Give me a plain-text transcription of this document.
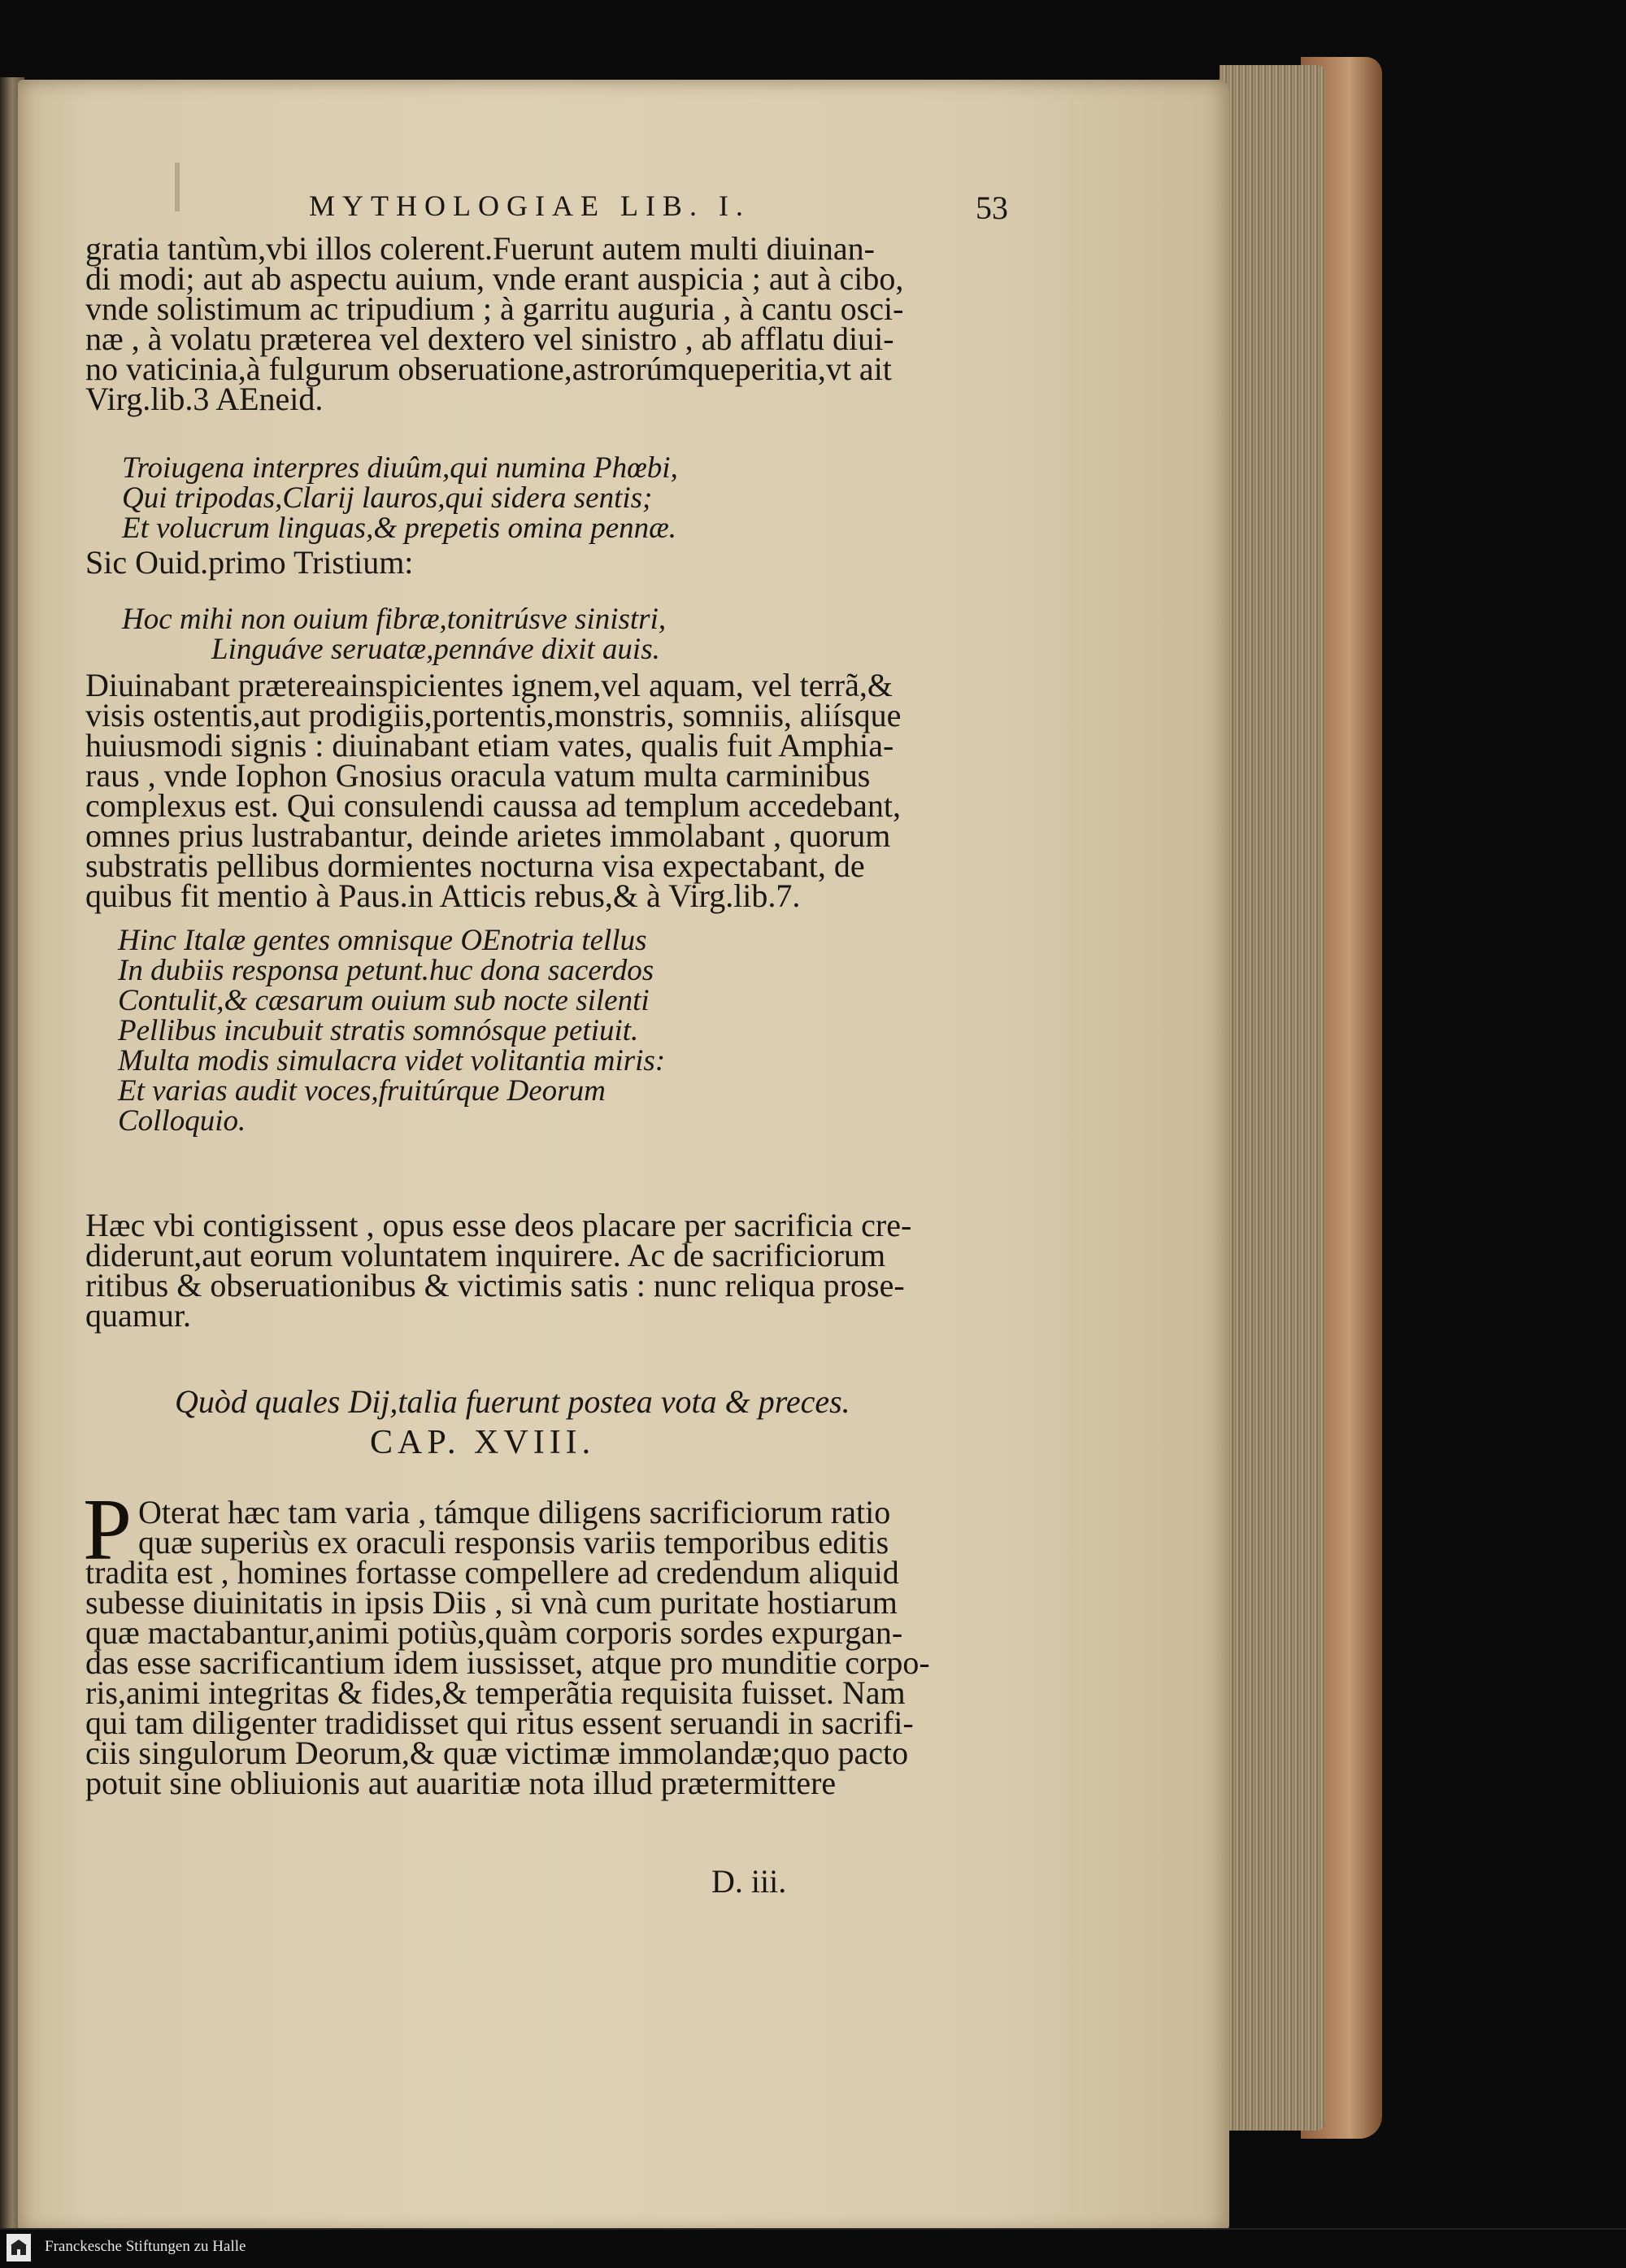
MYTHOLOGIAE LIB. I.	53
gratia tantùm,vbi illos colerent.Fuerunt autem multi diuinan-
di modi; aut ab aspectu auium, vnde erant auspicia ; aut à cibo,
vnde solistimum ac tripudium ; à garritu auguria , à cantu osci-
næ , à volatu præterea vel dextero vel sinistro , ab afflatu diui-
no vaticinia,à fulgurum obseruatione,astrorúmqueperitia,vt ait
Virg.lib.3 AEneid.
Troiugena interpres diuûm,qui numina Phœbi,
Qui tripodas,Clarij lauros,qui sidera sentis;
Et volucrum linguas,& prepetis omina pennæ.
Sic Ouid.primo Tristium:
Hoc mihi non ouium fibræ,tonitrúsve sinistri,
Linguáve seruatæ,pennáve dixit auis.
Diuinabant prætereainspicientes ignem,vel aquam, vel terrã,&
visis ostentis,aut prodigiis,portentis,monstris, somniis, aliísque
huiusmodi signis : diuinabant etiam vates, qualis fuit Amphia-
raus , vnde Iophon Gnosius oracula vatum multa carminibus
complexus est. Qui consulendi caussa ad templum accedebant,
omnes prius lustrabantur, deinde arietes immolabant , quorum
substratis pellibus dormientes nocturna visa expectabant, de
quibus fit mentio à Paus.in Atticis rebus,& à Virg.lib.7.
Hinc Italæ gentes omnisque OEnotria tellus
In dubiis responsa petunt.huc dona sacerdos
Contulit,& cæsarum ouium sub nocte silenti
Pellibus incubuit stratis somnósque petiuit.
Multa modis simulacra videt volitantia miris:
Et varias audit voces,fruitúrque Deorum
Colloquio.
Hæc vbi contigissent , opus esse deos placare per sacrificia cre-
diderunt,aut eorum voluntatem inquirere. Ac de sacrificiorum
ritibus & obseruationibus & victimis satis : nunc reliqua prose-
quamur.
Quòd quales Dij,talia fuerunt postea vota & preces.
CAP. XVIII.
P Oterat hæc tam varia , támque diligens sacrificiorum ratio
quæ superiùs ex oraculi responsis variis temporibus editis
tradita est , homines fortasse compellere ad credendum aliquid
subesse diuinitatis in ipsis Diis , si vnà cum puritate hostiarum
quæ mactabantur,animi potiùs,quàm corporis sordes expurgan-
das esse sacrificantium idem iussisset, atque pro munditie corpo-
ris,animi integritas & fides,& temperãtia requisita fuisset. Nam
qui tam diligenter tradidisset qui ritus essent seruandi in sacrifi-
ciis singulorum Deorum,& quæ victimæ immolandæ;quo pacto
potuit sine obliuionis aut auaritiæ nota illud prætermittere
D. iii.
Franckesche Stiftungen zu Halle
